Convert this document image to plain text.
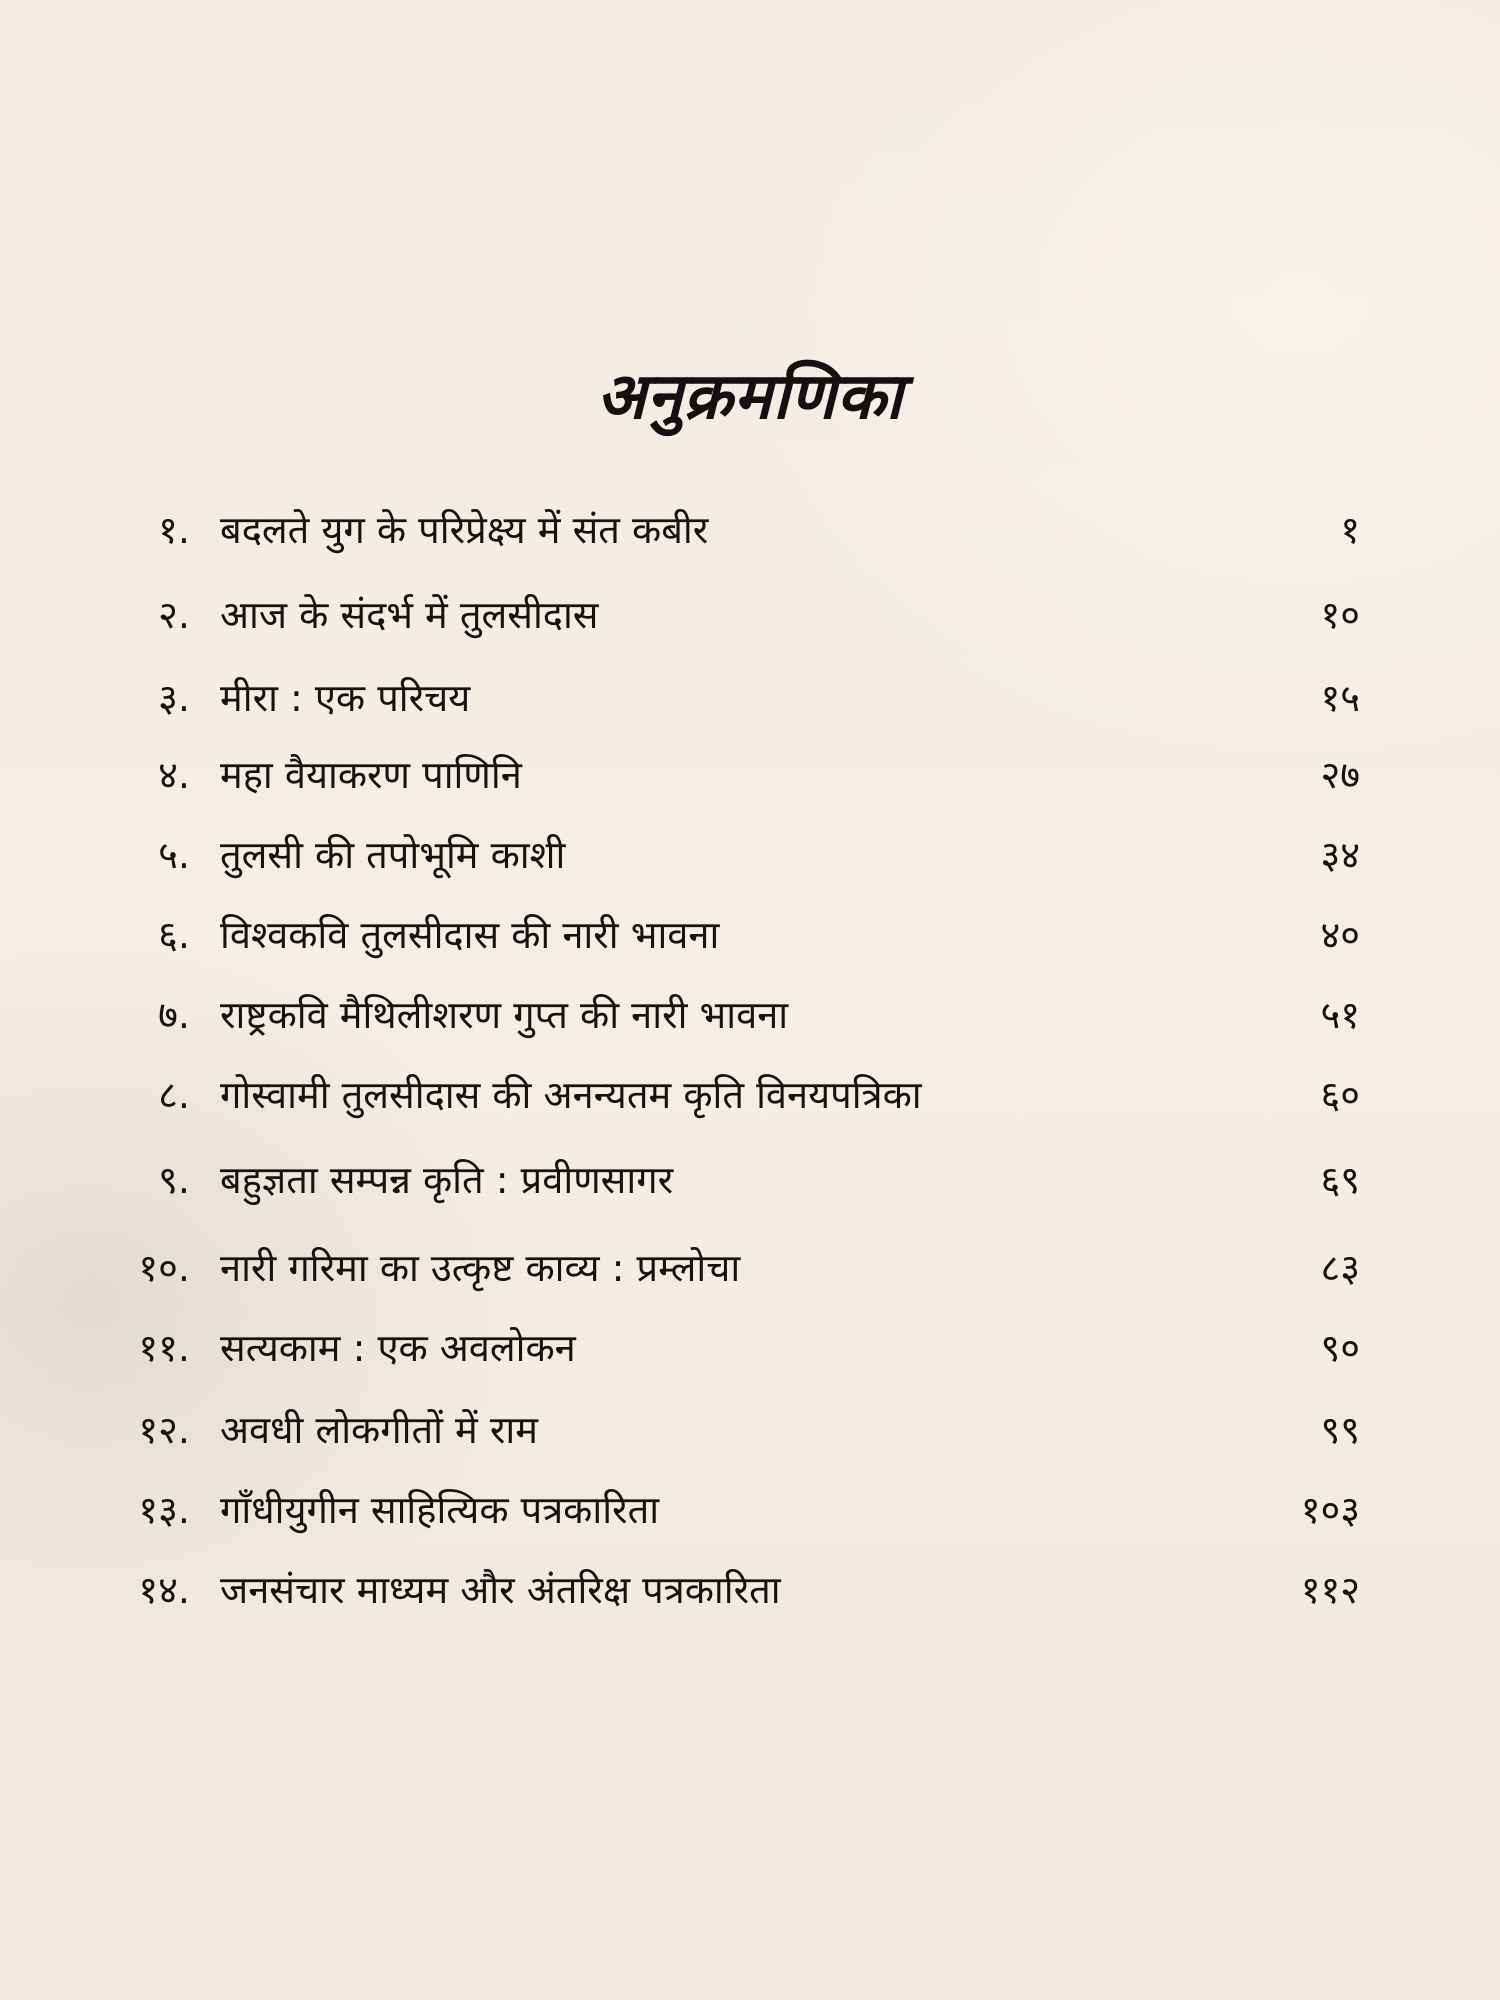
अनुक्रमणिका
१. बदलते युग के परिप्रेक्ष्य में संत कबीर	१
२. आज के संदर्भ में तुलसीदास	१०
३. मीरा : एक परिचय	१५
४. महा वैयाकरण पाणिनि	२७
५. तुलसी की तपोभूमि काशी	३४
६. विश्वकवि तुलसीदास की नारी भावना	४०
७. राष्ट्रकवि मैथिलीशरण गुप्त की नारी भावना	५१
८. गोस्वामी तुलसीदास की अनन्यतम कृति विनयपत्रिका	६०
९. बहुज्ञता सम्पन्न कृति : प्रवीणसागर	६९
१०. नारी गरिमा का उत्कृष्ट काव्य : प्रम्लोचा	८३
११. सत्यकाम : एक अवलोकन	९०
१२. अवधी लोकगीतों में राम	९९
१३. गाँधीयुगीन साहित्यिक पत्रकारिता	१०३
१४. जनसंचार माध्यम और अंतरिक्ष पत्रकारिता	११२
